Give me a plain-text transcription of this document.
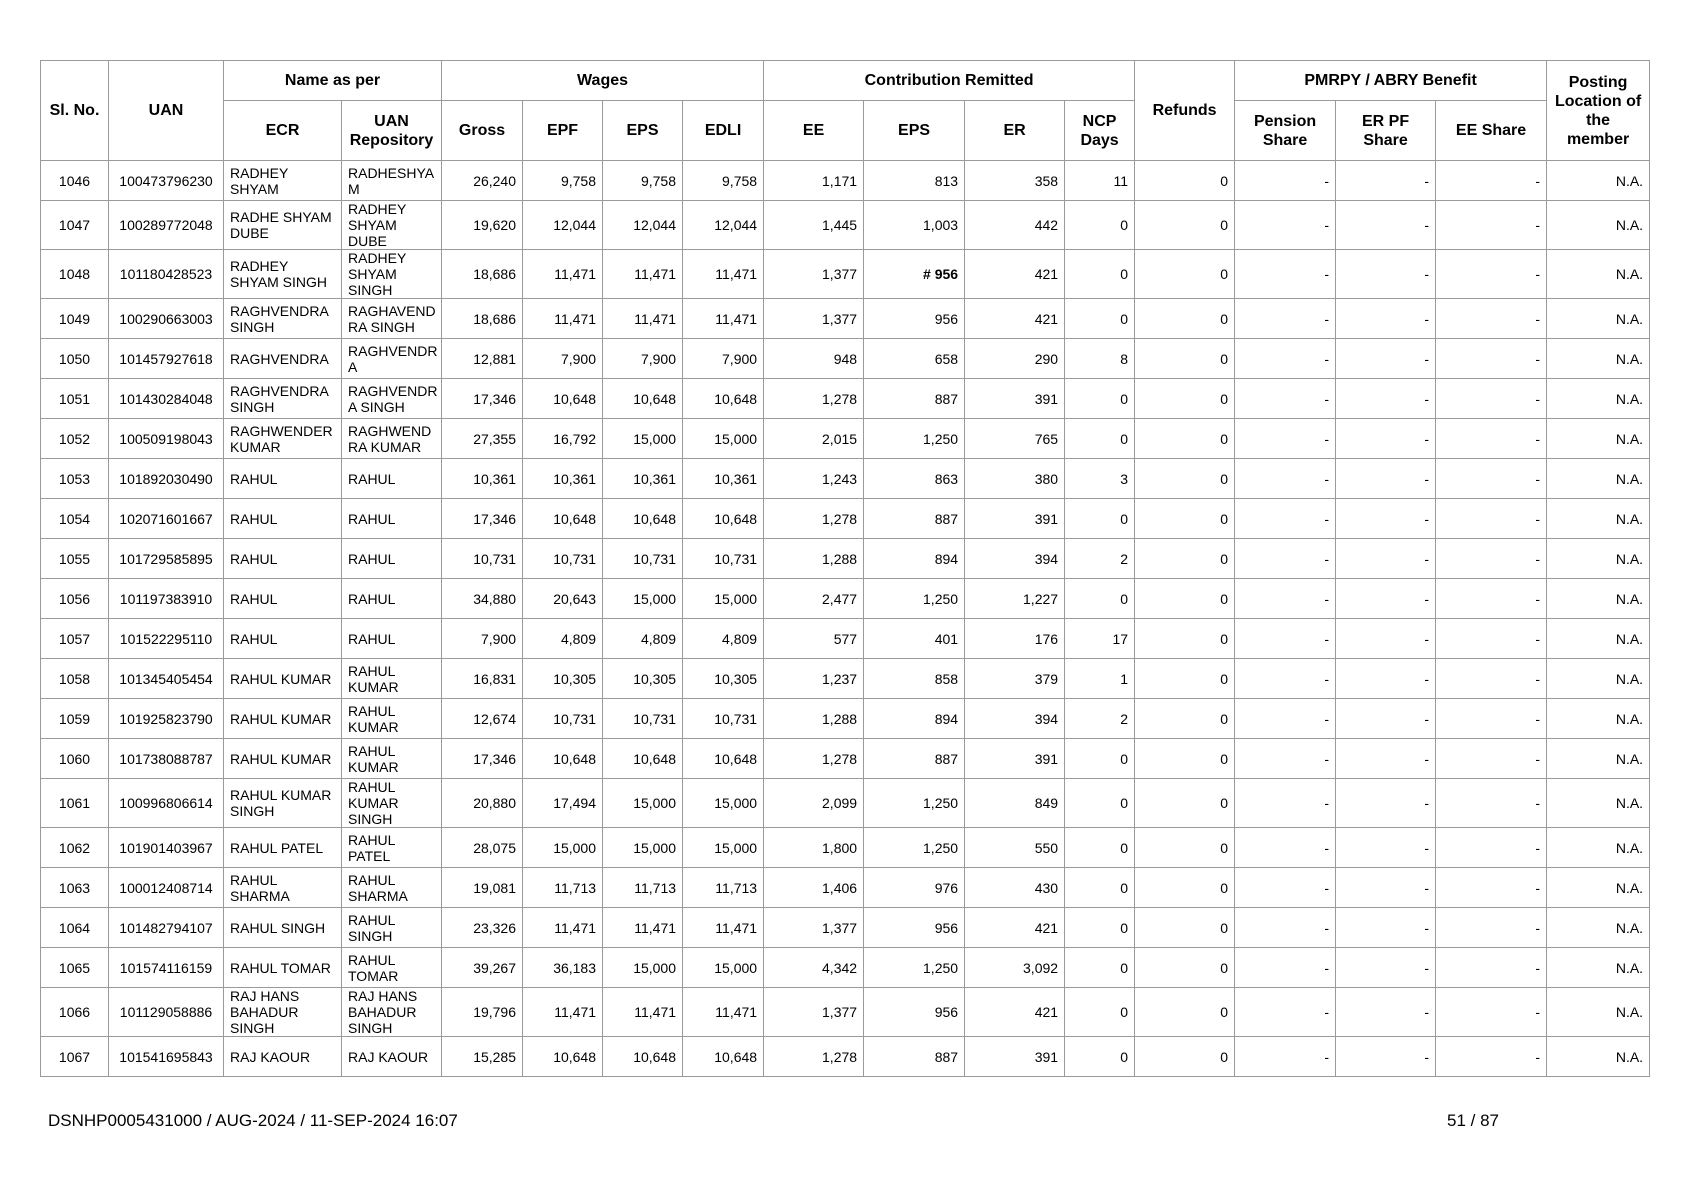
Sl. No.	UAN	Name as per		Wages				Contribution Remitted				Refunds	PMRPY / ABRY Benefit			Posting Location of the member
		ECR	UAN Repository	Gross	EPF	EPS	EDLI	EE	EPS	ER	NCP Days		Pension Share	ER PF Share	EE Share	
1046	100473796230	RADHEY SHYAM	RADHESHYA M	26,240	9,758	9,758	9,758	1,171	813	358	11	0	-	-	-	N.A.
1047	100289772048	RADHE SHYAM DUBE	RADHEY SHYAM DUBE	19,620	12,044	12,044	12,044	1,445	1,003	442	0	0	-	-	-	N.A.
1048	101180428523	RADHEY SHYAM SINGH	RADHEY SHYAM SINGH	18,686	11,471	11,471	11,471	1,377	# 956	421	0	0	-	-	-	N.A.
1049	100290663003	RAGHVENDRA SINGH	RAGHAVEND RA SINGH	18,686	11,471	11,471	11,471	1,377	956	421	0	0	-	-	-	N.A.
1050	101457927618	RAGHVENDRA	RAGHVENDR A	12,881	7,900	7,900	7,900	948	658	290	8	0	-	-	-	N.A.
1051	101430284048	RAGHVENDRA SINGH	RAGHVENDR A SINGH	17,346	10,648	10,648	10,648	1,278	887	391	0	0	-	-	-	N.A.
1052	100509198043	RAGHWENDER KUMAR	RAGHWEND RA KUMAR	27,355	16,792	15,000	15,000	2,015	1,250	765	0	0	-	-	-	N.A.
1053	101892030490	RAHUL	RAHUL	10,361	10,361	10,361	10,361	1,243	863	380	3	0	-	-	-	N.A.
1054	102071601667	RAHUL	RAHUL	17,346	10,648	10,648	10,648	1,278	887	391	0	0	-	-	-	N.A.
1055	101729585895	RAHUL	RAHUL	10,731	10,731	10,731	10,731	1,288	894	394	2	0	-	-	-	N.A.
1056	101197383910	RAHUL	RAHUL	34,880	20,643	15,000	15,000	2,477	1,250	1,227	0	0	-	-	-	N.A.
1057	101522295110	RAHUL	RAHUL	7,900	4,809	4,809	4,809	577	401	176	17	0	-	-	-	N.A.
1058	101345405454	RAHUL KUMAR	RAHUL KUMAR	16,831	10,305	10,305	10,305	1,237	858	379	1	0	-	-	-	N.A.
1059	101925823790	RAHUL KUMAR	RAHUL KUMAR	12,674	10,731	10,731	10,731	1,288	894	394	2	0	-	-	-	N.A.
1060	101738088787	RAHUL KUMAR	RAHUL KUMAR	17,346	10,648	10,648	10,648	1,278	887	391	0	0	-	-	-	N.A.
1061	100996806614	RAHUL KUMAR SINGH	RAHUL KUMAR SINGH	20,880	17,494	15,000	15,000	2,099	1,250	849	0	0	-	-	-	N.A.
1062	101901403967	RAHUL PATEL	RAHUL PATEL	28,075	15,000	15,000	15,000	1,800	1,250	550	0	0	-	-	-	N.A.
1063	100012408714	RAHUL SHARMA	RAHUL SHARMA	19,081	11,713	11,713	11,713	1,406	976	430	0	0	-	-	-	N.A.
1064	101482794107	RAHUL SINGH	RAHUL SINGH	23,326	11,471	11,471	11,471	1,377	956	421	0	0	-	-	-	N.A.
1065	101574116159	RAHUL TOMAR	RAHUL TOMAR	39,267	36,183	15,000	15,000	4,342	1,250	3,092	0	0	-	-	-	N.A.
1066	101129058886	RAJ HANS BAHADUR SINGH	RAJ HANS BAHADUR SINGH	19,796	11,471	11,471	11,471	1,377	956	421	0	0	-	-	-	N.A.
1067	101541695843	RAJ KAOUR	RAJ KAOUR	15,285	10,648	10,648	10,648	1,278	887	391	0	0	-	-	-	N.A.
DSNHP0005431000 / AUG-2024 / 11-SEP-2024 16:07	51 / 87
